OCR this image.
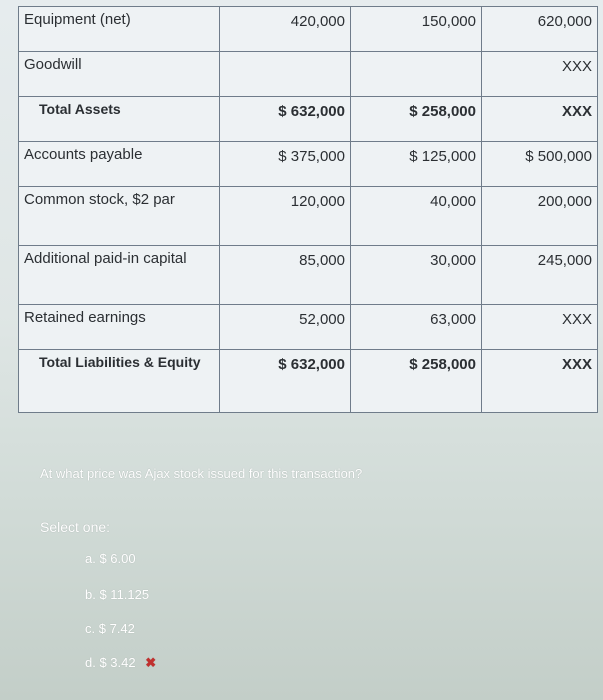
Equipment (net)	420,000	150,000	620,000
Goodwill			XXX
Total Assets	$ 632,000	$ 258,000	XXX
Accounts payable	$ 375,000	$ 125,000	$ 500,000
Common stock, $2 par	120,000	40,000	200,000
Additional paid-in capital	85,000	30,000	245,000
Retained earnings	52,000	63,000	XXX
Total Liabilities & Equity	$ 632,000	$ 258,000	XXX
At what price was Ajax stock issued for this transaction?
Select one:
a. $ 6.00
b. $ 11.125
c. $ 7.42
d. $ 3.42 ✖
